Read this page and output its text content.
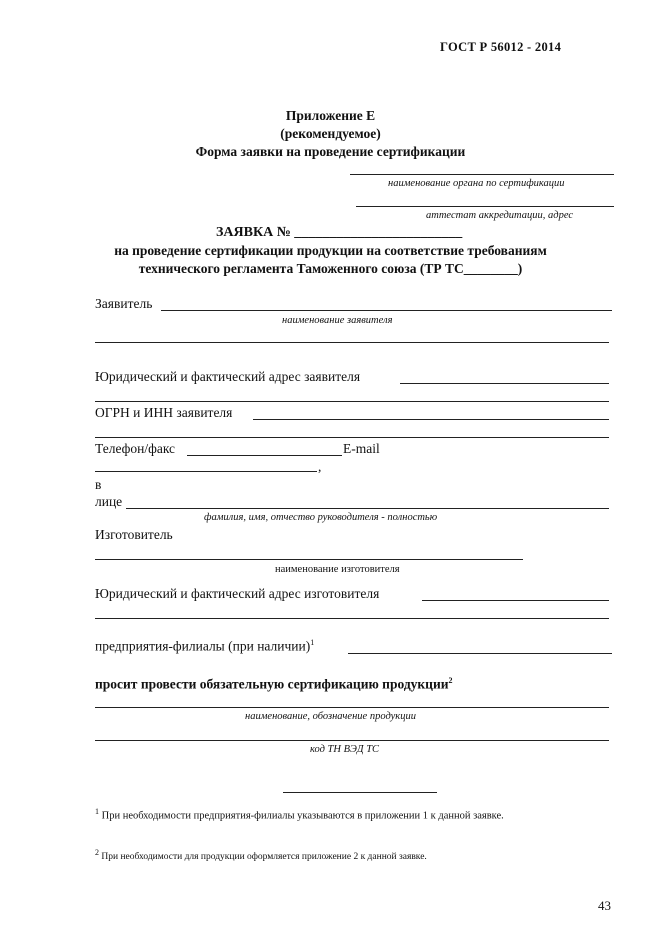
ГОСТ Р 56012 - 2014
Приложение Е
(рекомендуемое)
Форма заявки на проведение сертификации
наименование органа по сертификации
аттестат аккредитации, адрес
ЗАЯВКА № ________________________
на проведение сертификации продукции на соответствие требованиям
технического регламента Таможенного союза (ТР ТС________)
Заявитель
наименование заявителя
Юридический и фактический адрес заявителя
ОГРН и ИНН заявителя
Телефон/факс	E-mail
,
в
лице
фамилия, имя, отчество руководителя - полностью
Изготовитель
наименование изготовителя
Юридический и фактический адрес изготовителя
предприятия-филиалы (при наличии)$^1$
просит провести обязательную сертификацию продукции$^2$
наименование, обозначение продукции
код ТН ВЭД ТС
$^1$ При необходимости предприятия-филиалы указываются в приложении 1 к данной заявке.
$^2$ При необходимости для продукции оформляется приложение 2 к данной заявке.
43
